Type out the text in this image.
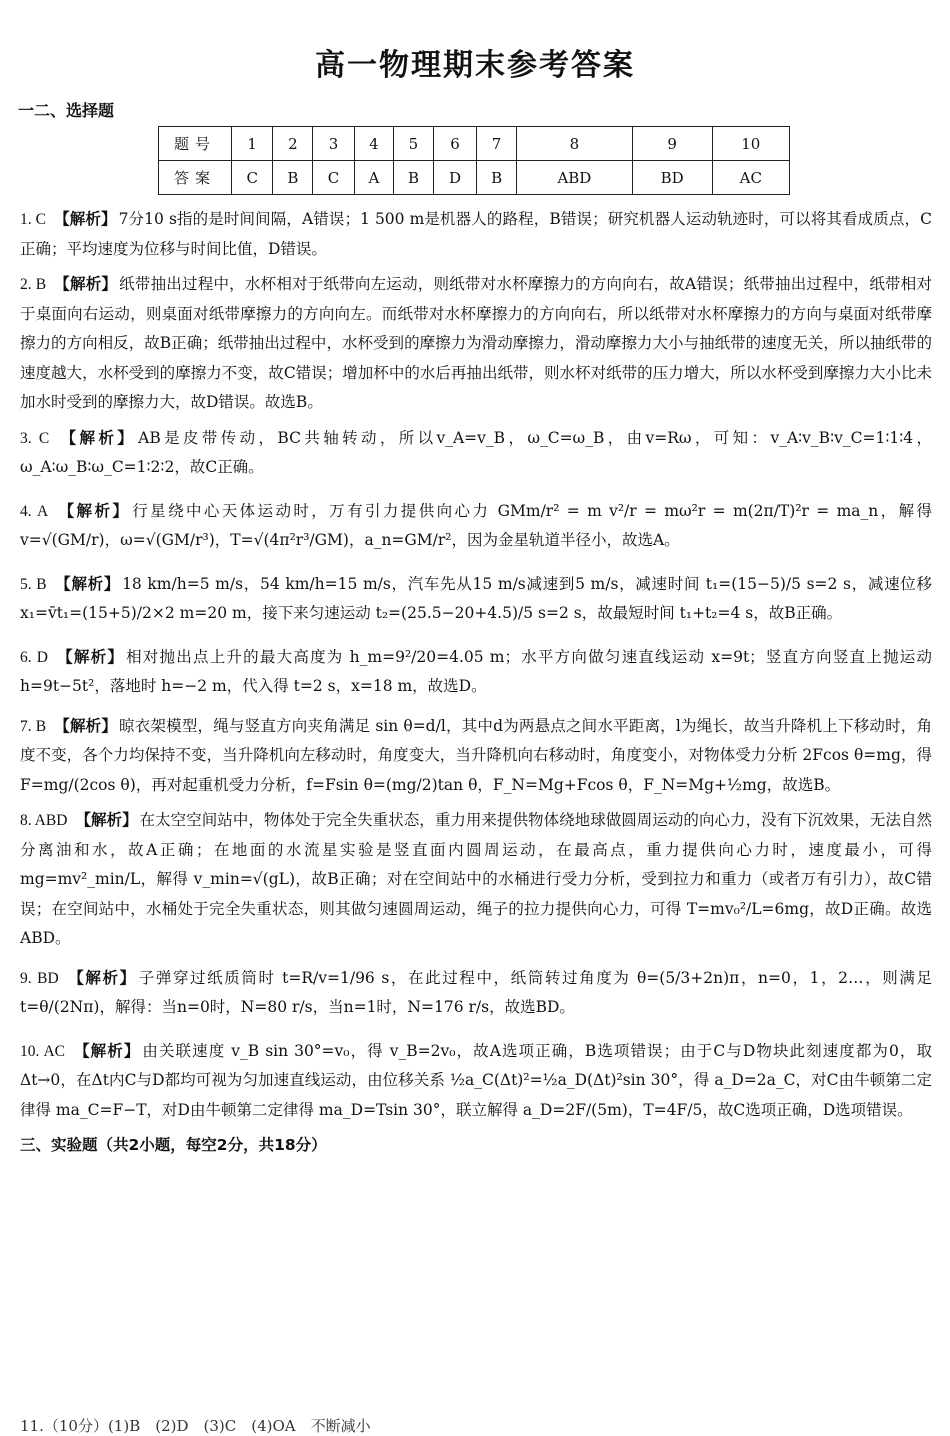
高一物理期末参考答案
一二、选择题
题号	1	2	3	4	5	6	7	8	9	10
答案	C	B	C	A	B	D	B	ABD	BD	AC
1. C 【解析】 7分10 s指的是时间间隔，A错误；1 500 m是机器人的路程，B错误；研究机器人运动轨迹时，可以将其看成质点，C正确；平均速度为位移与时间比值，D错误。
2. B 【解析】 纸带抽出过程中，水杯相对于纸带向左运动，则纸带对水杯摩擦力的方向向右，故A错误；纸带抽出过程中，纸带相对于桌面向右运动，则桌面对纸带摩擦力的方向向左。而纸带对水杯摩擦力的方向向右，所以纸带对水杯摩擦力的方向与桌面对纸带摩擦力的方向相反，故B正确；纸带抽出过程中，水杯受到的摩擦力为滑动摩擦力，滑动摩擦力大小与抽纸带的速度无关，所以抽纸带的速度越大，水杯受到的摩擦力不变，故C错误；增加杯中的水后再抽出纸带，则水杯对纸带的压力增大，所以水杯受到摩擦力大小比未加水时受到的摩擦力大，故D错误。故选B。
3. C 【解析】 AB是皮带传动，BC共轴转动，所以v_A=v_B，ω_C=ω_B，由v=Rω，可知：v_A∶v_B∶v_C=1∶1∶4，ω_A∶ω_B∶ω_C=1∶2∶2，故C正确。
4. A 【解析】 行星绕中心天体运动时，万有引力提供向心力 GMm/r² = m v²/r = mω²r = m(2π/T)²r = ma_n，解得 v=√(GM/r)，ω=√(GM/r³)，T=√(4π²r³/GM)，a_n=GM/r²，因为金星轨道半径小，故选A。
5. B 【解析】 18 km/h=5 m/s，54 km/h=15 m/s，汽车先从15 m/s减速到5 m/s，减速时间 t₁=(15−5)/5 s=2 s，减速位移 x₁=v̄t₁=(15+5)/2×2 m=20 m，接下来匀速运动 t₂=(25.5−20+4.5)/5 s=2 s，故最短时间 t₁+t₂=4 s，故B正确。
6. D 【解析】 相对抛出点上升的最大高度为 h_m=9²/20=4.05 m；水平方向做匀速直线运动 x=9t；竖直方向竖直上抛运动 h=9t−5t²，落地时 h=−2 m，代入得 t=2 s，x=18 m，故选D。
7. B 【解析】 晾衣架模型，绳与竖直方向夹角满足 sin θ=d/l，其中d为两悬点之间水平距离，l为绳长，故当升降机上下移动时，角度不变，各个力均保持不变，当升降机向左移动时，角度变大，当升降机向右移动时，角度变小，对物体受力分析 2Fcos θ=mg，得 F=mg/(2cos θ)，再对起重机受力分析，f=Fsin θ=(mg/2)tan θ，F_N=Mg+Fcos θ，F_N=Mg+½mg，故选B。
8. ABD 【解析】 在太空空间站中，物体处于完全失重状态，重力用来提供物体绕地球做圆周运动的向心力，没有下沉效果，无法自然分离油和水，故A正确；在地面的水流星实验是竖直面内圆周运动，在最高点，重力提供向心力时，速度最小，可得 mg=mv²_min/L，解得 v_min=√(gL)，故B正确；对在空间站中的水桶进行受力分析，受到拉力和重力（或者万有引力），故C错误；在空间站中，水桶处于完全失重状态，则其做匀速圆周运动，绳子的拉力提供向心力，可得 T=mv₀²/L=6mg，故D正确。故选ABD。
9. BD 【解析】 子弹穿过纸质筒时 t=R/v=1/96 s，在此过程中，纸筒转过角度为 θ=(5/3+2n)π，n=0，1，2…，则满足 t=θ/(2Nπ)，解得：当n=0时，N=80 r/s，当n=1时，N=176 r/s，故选BD。
10. AC 【解析】 由关联速度 v_B sin 30°=v₀，得 v_B=2v₀，故A选项正确，B选项错误；由于C与D物块此刻速度都为0，取Δt→0，在Δt内C与D都均可视为匀加速直线运动，由位移关系 ½a_C(Δt)²=½a_D(Δt)²sin 30°，得 a_D=2a_C，对C由牛顿第二定律得 ma_C=F−T，对D由牛顿第二定律得 ma_D=Tsin 30°，联立解得 a_D=2F/(5m)，T=4F/5，故C选项正确，D选项错误。
三、实验题（共2小题，每空2分，共18分）
11.（10分）(1)B　(2)D　(3)C　(4)OA　不断减小
